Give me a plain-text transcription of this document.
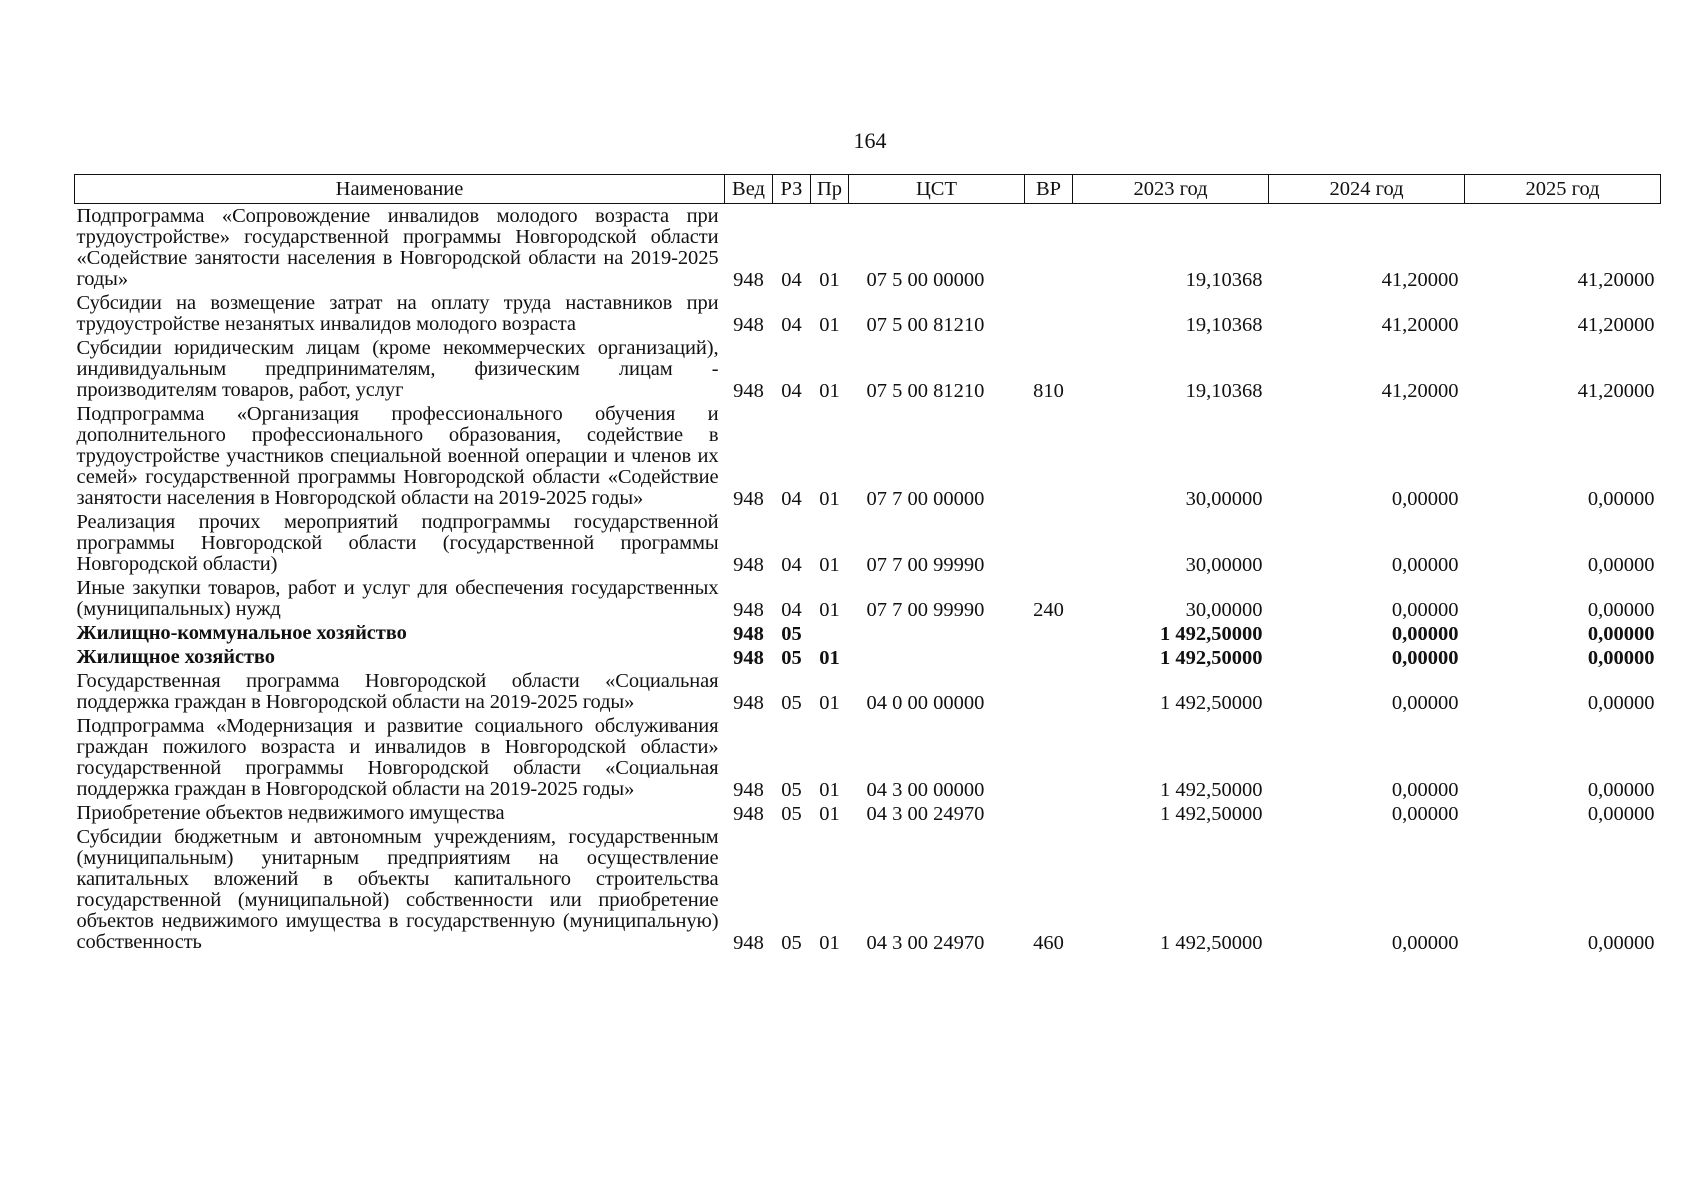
164
Наименование	Вед	РЗ	Пр	ЦСТ	ВР	2023 год	2024 год	2025 год
Подпрограмма «Сопровождение инвалидов молодого возраста при трудоустройстве» государственной программы Новгородской области «Содействие занятости населения в Новгородской области на 2019-2025 годы»	948	04	01	07 5 00 00000		19,10368	41,20000	41,20000
Субсидии на возмещение затрат на оплату труда наставников при трудоустройстве незанятых инвалидов молодого возраста	948	04	01	07 5 00 81210		19,10368	41,20000	41,20000
Субсидии юридическим лицам (кроме некоммерческих организаций), индивидуальным предпринимателям, физическим лицам - производителям товаров, работ, услуг	948	04	01	07 5 00 81210	810	19,10368	41,20000	41,20000
Подпрограмма «Организация профессионального обучения и дополнительного профессионального образования, содействие в трудоустройстве участников специальной военной операции и членов их семей» государственной программы Новгородской области «Содействие занятости населения в Новгородской области на 2019-2025 годы»	948	04	01	07 7 00 00000		30,00000	0,00000	0,00000
Реализация прочих мероприятий подпрограммы государственной программы Новгородской области (государственной программы Новгородской области)	948	04	01	07 7 00 99990		30,00000	0,00000	0,00000
Иные закупки товаров, работ и услуг для обеспечения государственных (муниципальных) нужд	948	04	01	07 7 00 99990	240	30,00000	0,00000	0,00000
Жилищно-коммунальное хозяйство	948	05				1 492,50000	0,00000	0,00000
Жилищное хозяйство	948	05	01			1 492,50000	0,00000	0,00000
Государственная программа Новгородской области «Социальная поддержка граждан в Новгородской области на 2019-2025 годы»	948	05	01	04 0 00 00000		1 492,50000	0,00000	0,00000
Подпрограмма «Модернизация и развитие социального обслуживания граждан пожилого возраста и инвалидов в Новгородской области» государственной программы Новгородской области «Социальная поддержка граждан в Новгородской области на 2019-2025 годы»	948	05	01	04 3 00 00000		1 492,50000	0,00000	0,00000
Приобретение объектов недвижимого имущества	948	05	01	04 3 00 24970		1 492,50000	0,00000	0,00000
Субсидии бюджетным и автономным учреждениям, государственным (муниципальным) унитарным предприятиям на осуществление капитальных вложений в объекты капитального строительства государственной (муниципальной) собственности или приобретение объектов недвижимого имущества в государственную (муниципальную) собственность	948	05	01	04 3 00 24970	460	1 492,50000	0,00000	0,00000
